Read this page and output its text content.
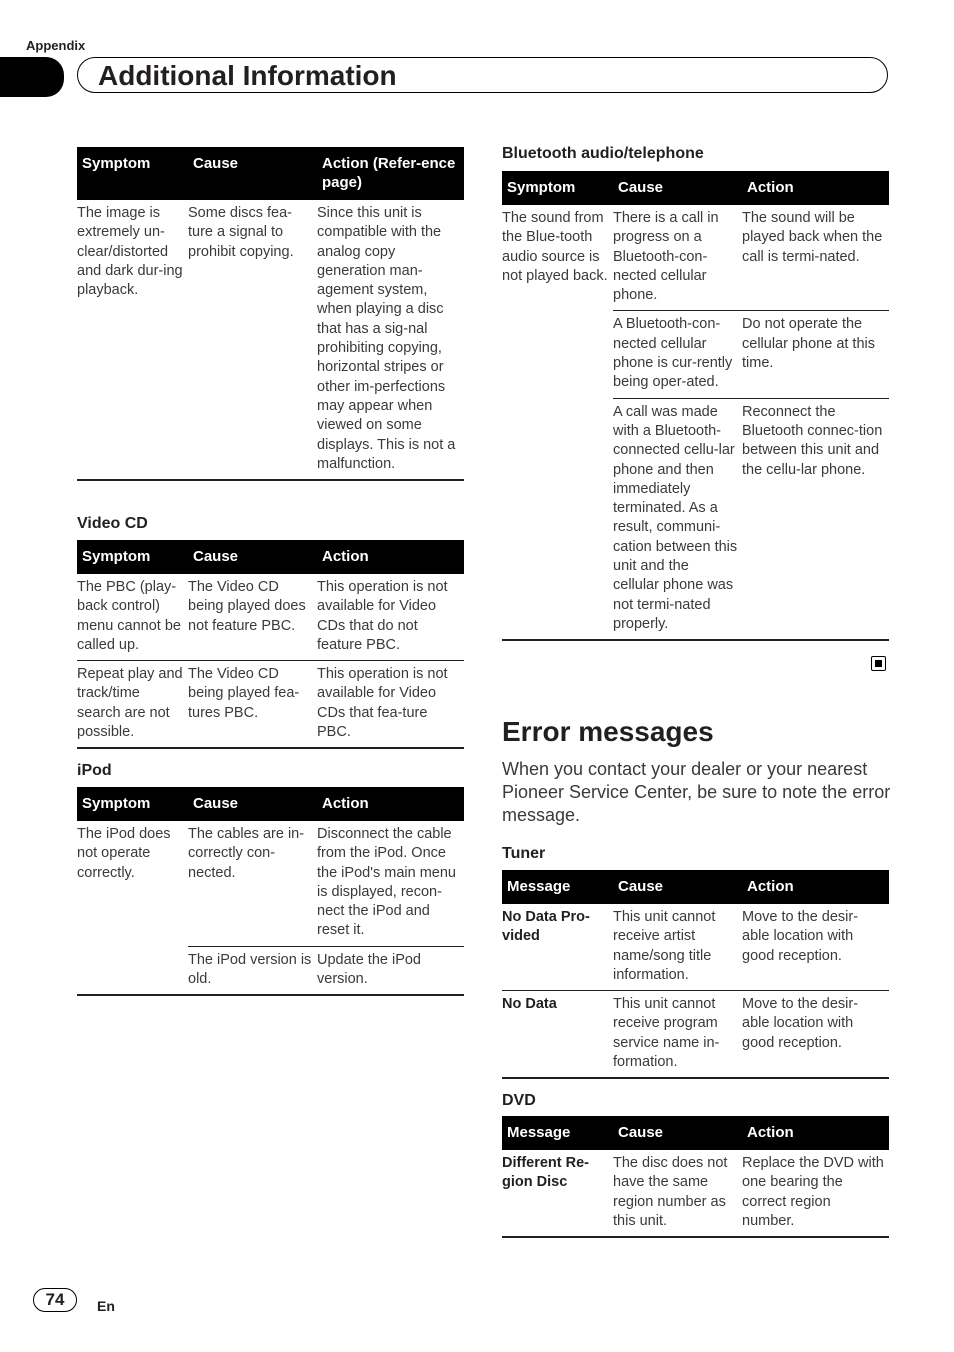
Appendix
Additional Information
Symptom	Cause	Action (Refer-ence page)
The image is extremely un-clear/distorted and dark dur-ing playback.	Some discs fea-ture a signal to prohibit copying.	Since this unit is compatible with the analog copy generation man-agement system, when playing a disc that has a sig-nal prohibiting copying, horizontal stripes or other im-perfections may appear when viewed on some displays. This is not a malfunction.
Video CD
Symptom	Cause	Action
The PBC (play-back control) menu cannot be called up.	The Video CD being played does not feature PBC.	This operation is not available for Video CDs that do not feature PBC.
Repeat play and track/time search are not possible.	The Video CD being played fea-tures PBC.	This operation is not available for Video CDs that fea-ture PBC.
iPod
Symptom	Cause	Action
The iPod does not operate correctly.	The cables are in-correctly con-nected.	Disconnect the cable from the iPod. Once the iPod's main menu is displayed, recon-nect the iPod and reset it.
	The iPod version is old.	Update the iPod version.
Bluetooth audio/telephone
Symptom	Cause	Action
The sound from the Blue-tooth audio source is not played back.	There is a call in progress on a Bluetooth-con-nected cellular phone.	The sound will be played back when the call is termi-nated.
	A Bluetooth-con-nected cellular phone is cur-rently being oper-ated.	Do not operate the cellular phone at this time.
	A call was made with a Bluetooth-connected cellu-lar phone and then immediately terminated. As a result, communi-cation between this unit and the cellular phone was not termi-nated properly.	Reconnect the Bluetooth connec-tion between this unit and the cellu-lar phone.
Error messages
When you contact your dealer or your nearest Pioneer Service Center, be sure to note the error message.
Tuner
Message	Cause	Action
No Data Pro-vided	This unit cannot receive artist name/song title information.	Move to the desir-able location with good reception.
No Data	This unit cannot receive program service name in-formation.	Move to the desir-able location with good reception.
DVD
Message	Cause	Action
Different Re-gion Disc	The disc does not have the same region number as this unit.	Replace the DVD with one bearing the correct region number.
74	En
